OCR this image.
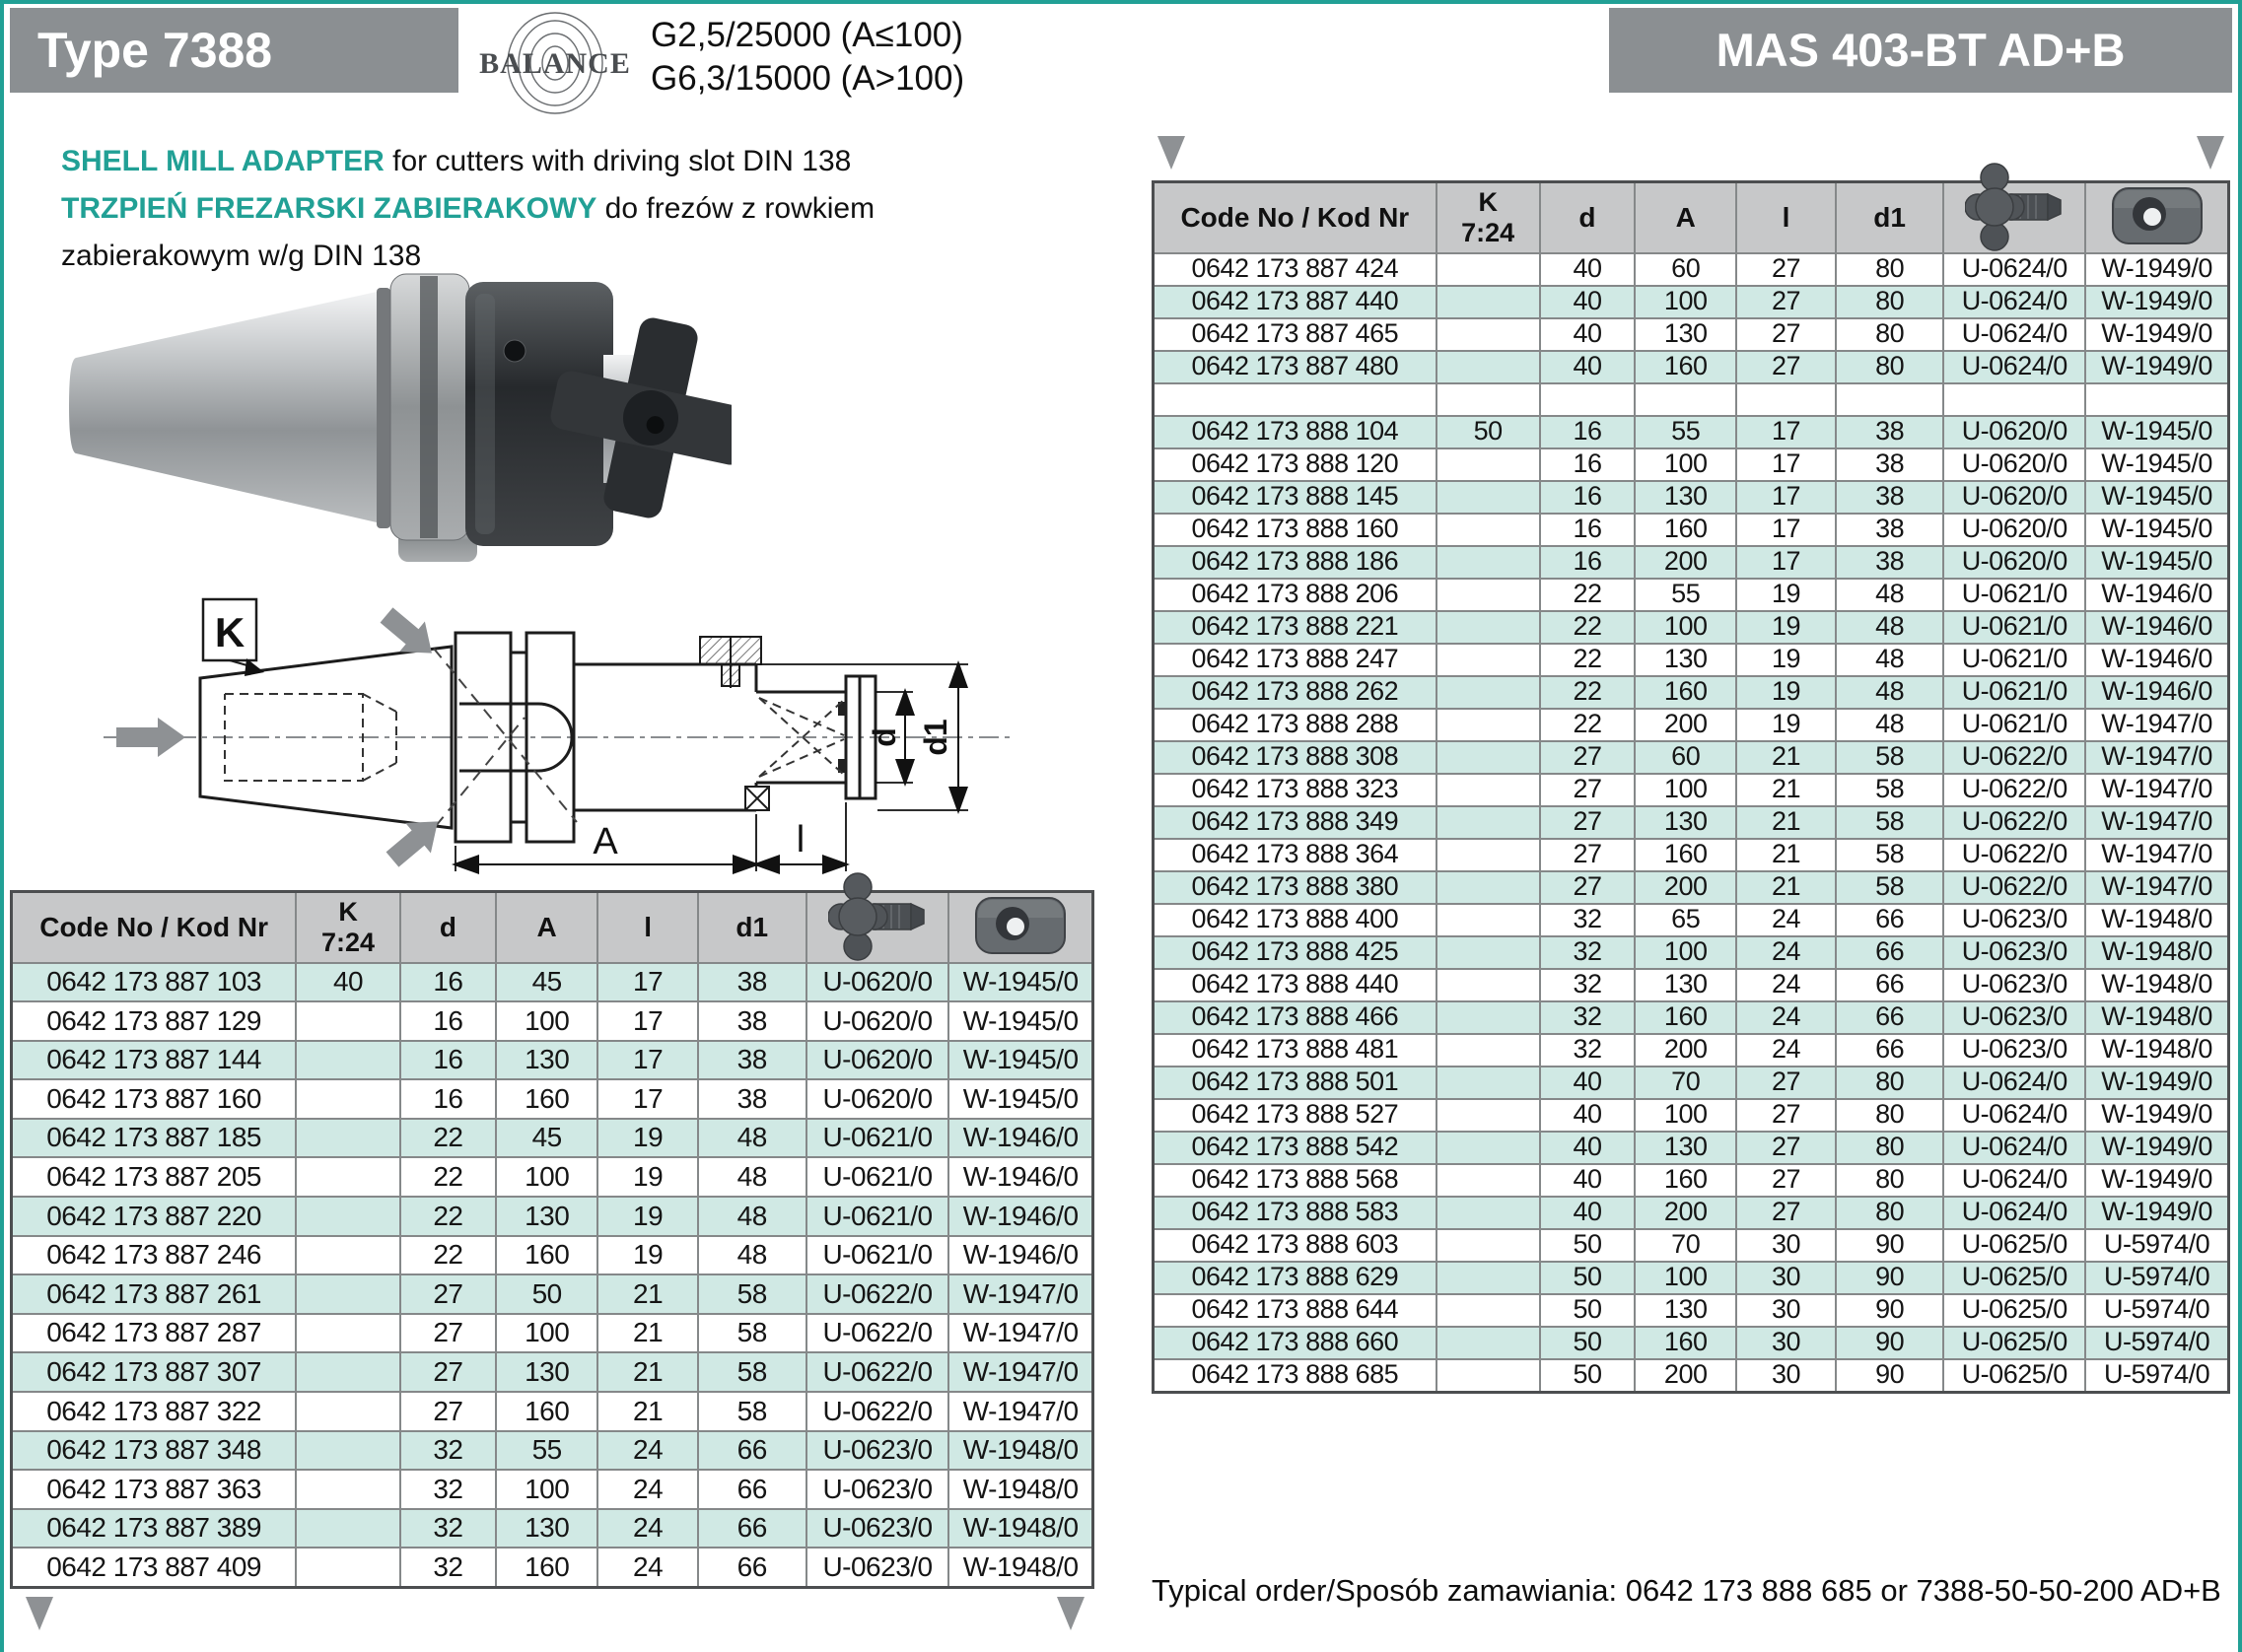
Type 7388	BALANCE
G2,5/25000 (A≤100)
G6,3/15000 (A>100)
MAS 403-BT AD+B
SHELL MILL ADAPTER for cutters with driving slot DIN 138
TRZPIEŃ FREZARSKI ZABIERAKOWY do frezów z rowkiem
zabierakowym w/g DIN 138
K
A	l
d d1
Code No / Kod Nr	K
7:24	d	A	l	d1	

0642 173 887 103	40	16	45	17	38	U-0620/0	W-1945/0
0642 173 887 129		16	100	17	38	U-0620/0	W-1945/0
0642 173 887 144		16	130	17	38	U-0620/0	W-1945/0
0642 173 887 160		16	160	17	38	U-0620/0	W-1945/0
0642 173 887 185		22	45	19	48	U-0621/0	W-1946/0
0642 173 887 205		22	100	19	48	U-0621/0	W-1946/0
0642 173 887 220		22	130	19	48	U-0621/0	W-1946/0
0642 173 887 246		22	160	19	48	U-0621/0	W-1946/0
0642 173 887 261		27	50	21	58	U-0622/0	W-1947/0
0642 173 887 287		27	100	21	58	U-0622/0	W-1947/0
0642 173 887 307		27	130	21	58	U-0622/0	W-1947/0
0642 173 887 322		27	160	21	58	U-0622/0	W-1947/0
0642 173 887 348		32	55	24	66	U-0623/0	W-1948/0
0642 173 887 363		32	100	24	66	U-0623/0	W-1948/0
0642 173 887 389		32	130	24	66	U-0623/0	W-1948/0
0642 173 887 409		32	160	24	66	U-0623/0	W-1948/0
Code No / Kod Nr	K
7:24	d	A	l	d1	

0642 173 887 424		40	60	27	80	U-0624/0	W-1949/0
0642 173 887 440		40	100	27	80	U-0624/0	W-1949/0
0642 173 887 465		40	130	27	80	U-0624/0	W-1949/0
0642 173 887 480		40	160	27	80	U-0624/0	W-1949/0

0642 173 888 104	50	16	55	17	38	U-0620/0	W-1945/0
0642 173 888 120		16	100	17	38	U-0620/0	W-1945/0
0642 173 888 145		16	130	17	38	U-0620/0	W-1945/0
0642 173 888 160		16	160	17	38	U-0620/0	W-1945/0
0642 173 888 186		16	200	17	38	U-0620/0	W-1945/0
0642 173 888 206		22	55	19	48	U-0621/0	W-1946/0
0642 173 888 221		22	100	19	48	U-0621/0	W-1946/0
0642 173 888 247		22	130	19	48	U-0621/0	W-1946/0
0642 173 888 262		22	160	19	48	U-0621/0	W-1946/0
0642 173 888 288		22	200	19	48	U-0621/0	W-1947/0
0642 173 888 308		27	60	21	58	U-0622/0	W-1947/0
0642 173 888 323		27	100	21	58	U-0622/0	W-1947/0
0642 173 888 349		27	130	21	58	U-0622/0	W-1947/0
0642 173 888 364		27	160	21	58	U-0622/0	W-1947/0
0642 173 888 380		27	200	21	58	U-0622/0	W-1947/0
0642 173 888 400		32	65	24	66	U-0623/0	W-1948/0
0642 173 888 425		32	100	24	66	U-0623/0	W-1948/0
0642 173 888 440		32	130	24	66	U-0623/0	W-1948/0
0642 173 888 466		32	160	24	66	U-0623/0	W-1948/0
0642 173 888 481		32	200	24	66	U-0623/0	W-1948/0
0642 173 888 501		40	70	27	80	U-0624/0	W-1949/0
0642 173 888 527		40	100	27	80	U-0624/0	W-1949/0
0642 173 888 542		40	130	27	80	U-0624/0	W-1949/0
0642 173 888 568		40	160	27	80	U-0624/0	W-1949/0
0642 173 888 583		40	200	27	80	U-0624/0	W-1949/0
0642 173 888 603		50	70	30	90	U-0625/0	U-5974/0
0642 173 888 629		50	100	30	90	U-0625/0	U-5974/0
0642 173 888 644		50	130	30	90	U-0625/0	U-5974/0
0642 173 888 660		50	160	30	90	U-0625/0	U-5974/0
0642 173 888 685		50	200	30	90	U-0625/0	U-5974/0
Typical order/Sposób zamawiania: 0642 173 888 685 or 7388-50-50-200 AD+B
